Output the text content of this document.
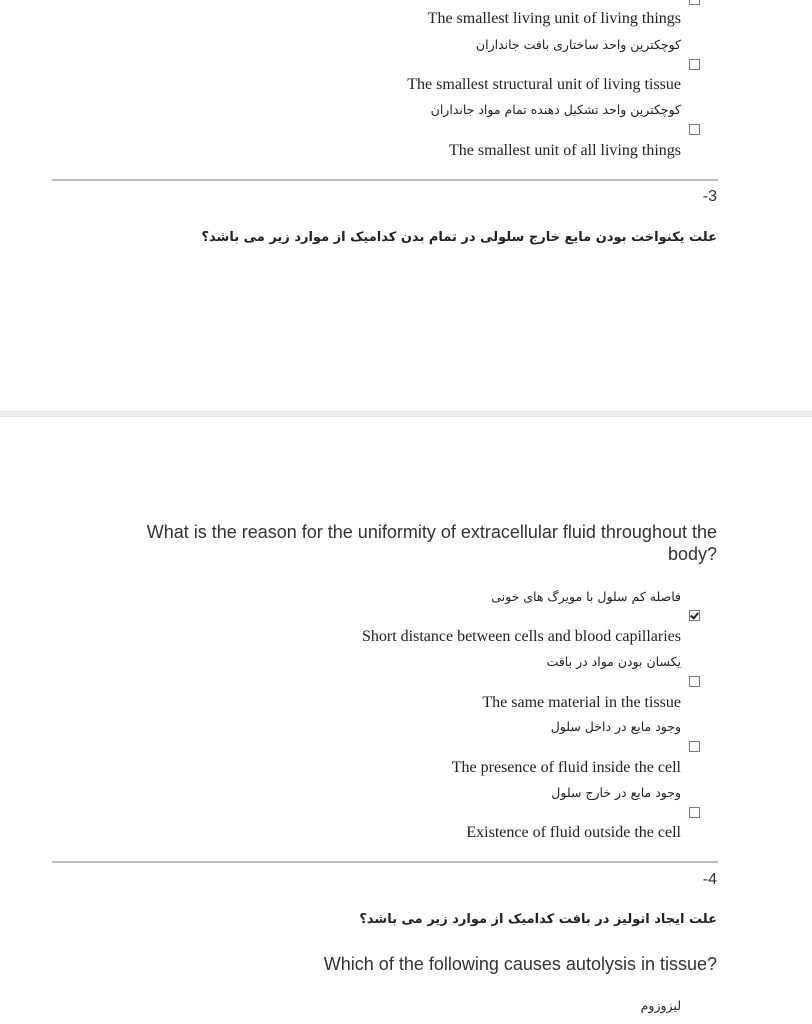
The smallest living unit of living things
کوچکترین واحد ساختاری بافت جانداران
The smallest structural unit of living tissue
کوچکترین واحد تشکیل دهنده تمام مواد جانداران
The smallest unit of all living things
-3
علت یکنواخت بودن مایع خارج سلولی در تمام بدن کدامیک از موارد زیر می باشد؟
What is the reason for the uniformity of extracellular fluid throughout the
body?
فاصله کم سلول با مویرگ های خونی
Short distance between cells and blood capillaries
یکسان بودن مواد در بافت
The same material in the tissue
وجود مایع در داخل سلول
The presence of fluid inside the cell
وجود مایع در خارج سلول
Existence of fluid outside the cell
-4
علت ایجاد اتولیز در بافت کدامیک از موارد زیر می باشد؟
Which of the following causes autolysis in tissue?
لیزوزوم
